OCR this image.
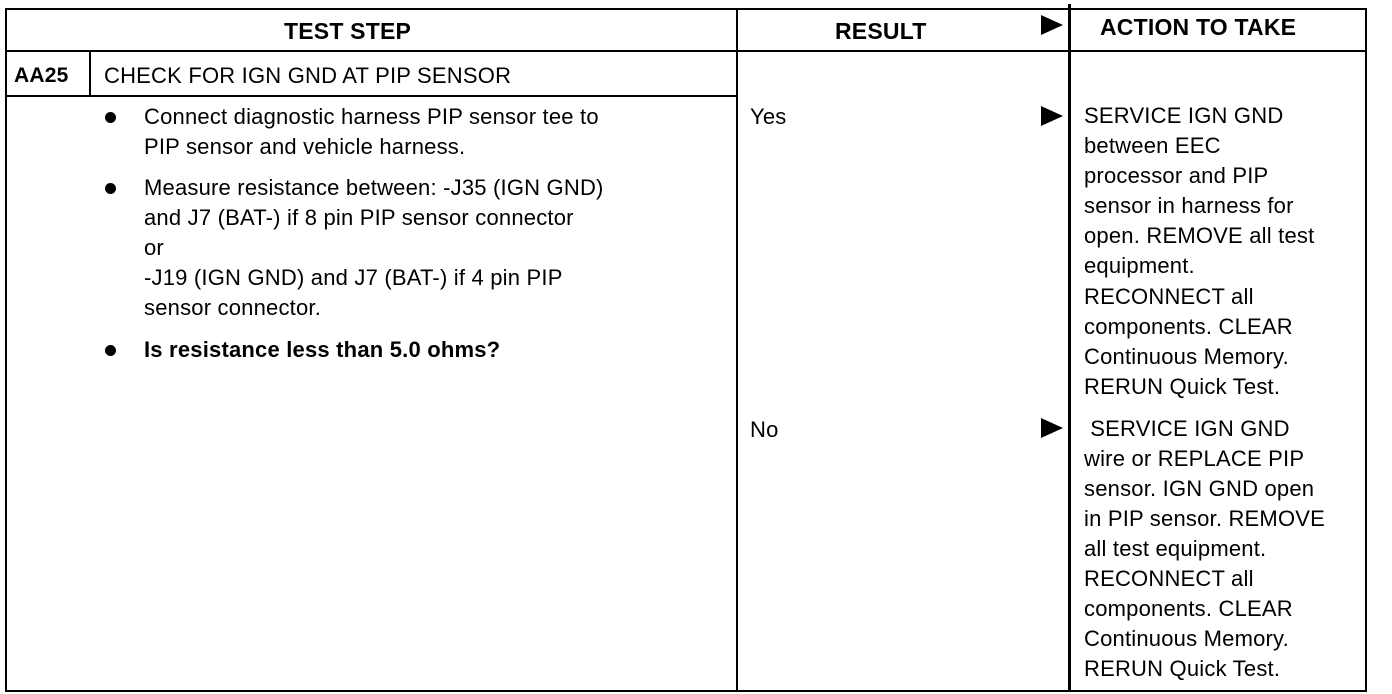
TEST STEP	RESULT	ACTION TO TAKE
AA25 CHECK FOR IGN GND AT PIP SENSOR
Connect diagnostic harness PIP sensor tee to
PIP sensor and vehicle harness.
Measure resistance between: -J35 (IGN GND)
and J7 (BAT-) if 8 pin PIP sensor connector
or
-J19 (IGN GND) and J7 (BAT-) if 4 pin PIP
sensor connector.
Is resistance less than 5.0 ohms?
Yes	SERVICE IGN GND
between EEC
processor and PIP
sensor in harness for
open. REMOVE all test
equipment.
RECONNECT all
components. CLEAR
Continuous Memory.
RERUN Quick Test.
No	SERVICE IGN GND
wire or REPLACE PIP
sensor. IGN GND open
in PIP sensor. REMOVE
all test equipment.
RECONNECT all
components. CLEAR
Continuous Memory.
RERUN Quick Test.
